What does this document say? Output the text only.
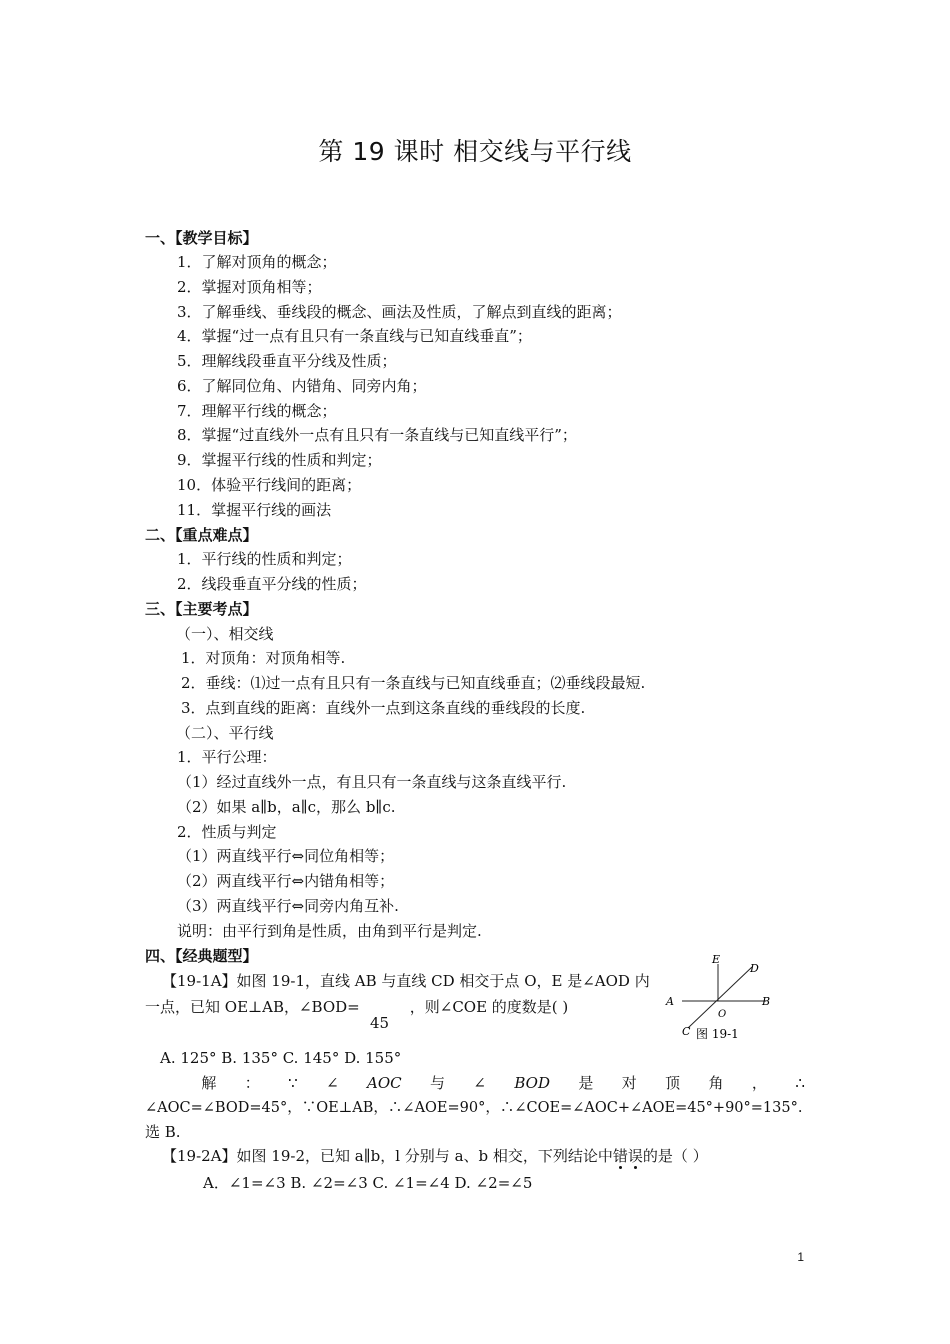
第 19 课时 相交线与平行线
一、【教学目标】
1．了解对顶角的概念；
2．掌握对顶角相等；
3．了解垂线、垂线段的概念、画法及性质，了解点到直线的距离；
4．掌握“过一点有且只有一条直线与已知直线垂直”；
5．理解线段垂直平分线及性质；
6．了解同位角、内错角、同旁内角；
7．理解平行线的概念；
8．掌握“过直线外一点有且只有一条直线与已知直线平行”；
9．掌握平行线的性质和判定；
10．体验平行线间的距离；
11．掌握平行线的画法
二、【重点难点】
1．平行线的性质和判定；
2．线段垂直平分线的性质；
三、【主要考点】
（一）、相交线
1．对顶角：对顶角相等.
2．垂线：⑴过一点有且只有一条直线与已知直线垂直；⑵垂线段最短.
3．点到直线的距离：直线外一点到这条直线的垂线段的长度.
（二）、平行线
1．平行公理：
（1）经过直线外一点，有且只有一条直线与这条直线平行.
（2）如果 a∥b，a∥c，那么 b∥c.
2．性质与判定
（1）两直线平行⇔同位角相等；
（2）两直线平行⇔内错角相等；
（3）两直线平行⇔同旁内角互补.
说明：由平行到角是性质，由角到平行是判定.
四、【经典题型】
【19-1A】如图 19-1，直线 AB 与直线 CD 相交于点 O，E 是∠AOD 内
一点，已知 OE⊥AB，∠BOD=	，则∠COE 的度数是( )
45
E
D
A	B
O
C 图 19-1
A. 125° B. 135° C. 145° D. 155°
解 ： ∵ ∠ AOC 与 ∠ BOD 是 对 顶 角 ， ∴
∠AOC=∠BOD=45°，∵OE⊥AB，∴∠AOE=90°，∴∠COE=∠AOC+∠AOE=45°+90°=135°.
选 B.
【19-2A】如图 19-2，已知 a∥b，l 分别与 a、b 相交，下列结论中错
误
的是（ ）
A．∠1=∠3 B. ∠2=∠3 C. ∠1=∠4 D. ∠2=∠5
1
